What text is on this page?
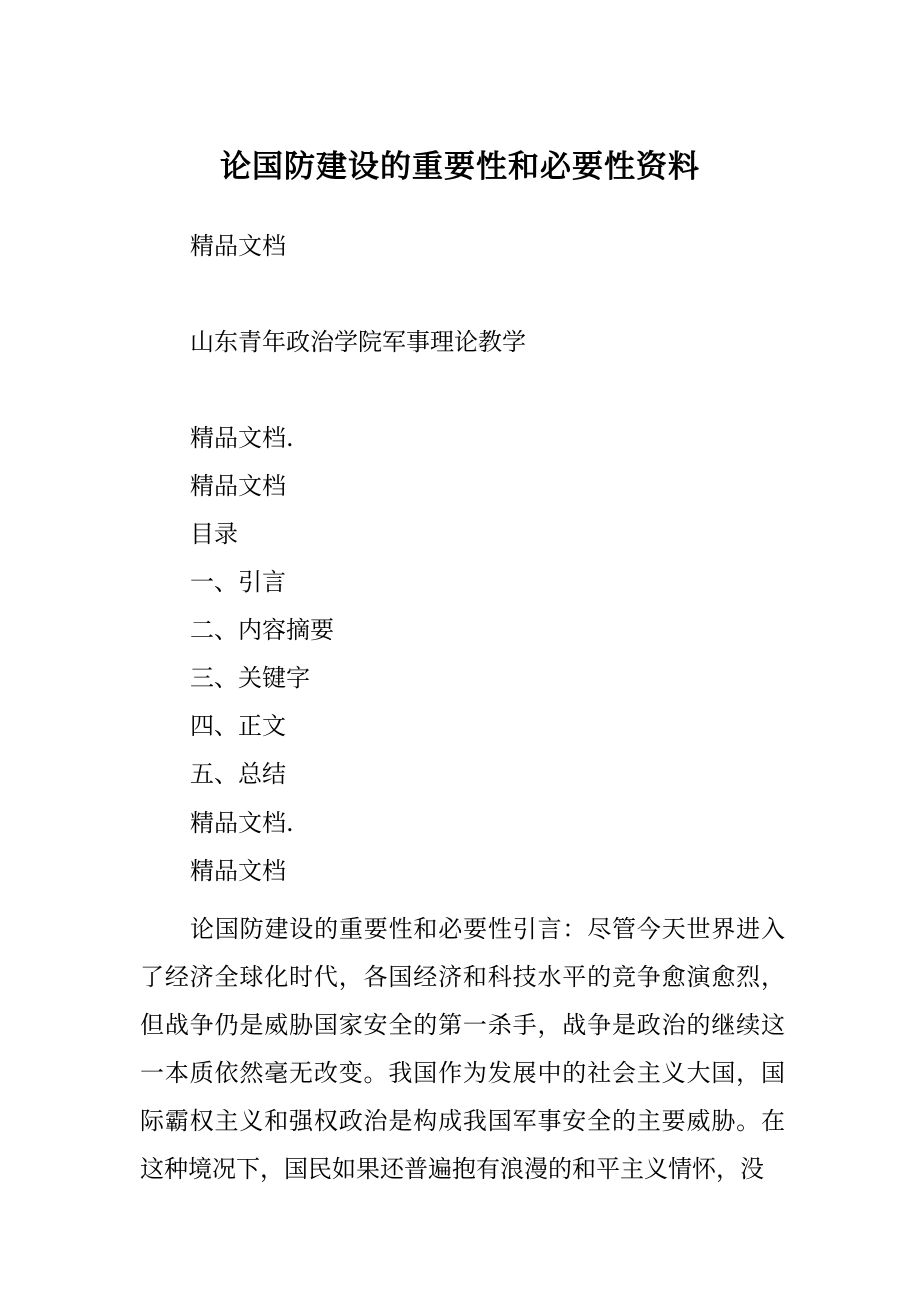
论国防建设的重要性和必要性资料

精品文档

山东青年政治学院军事理论教学

精品文档.

精品文档

目录

一、引言

二、内容摘要

三、关键字

四、正文

五、总结

精品文档.

精品文档

论国防建设的重要性和必要性引言：尽管今天世界进入了经济全球化时代，各国经济和科技水平的竞争愈演愈烈，但战争仍是威胁国家安全的第一杀手，战争是政治的继续这一本质依然毫无改变。我国作为发展中的社会主义大国，国际霸权主义和强权政治是构成我国军事安全的主要威胁。在这种境况下，国民如果还普遍抱有浪漫的和平主义情怀，没
